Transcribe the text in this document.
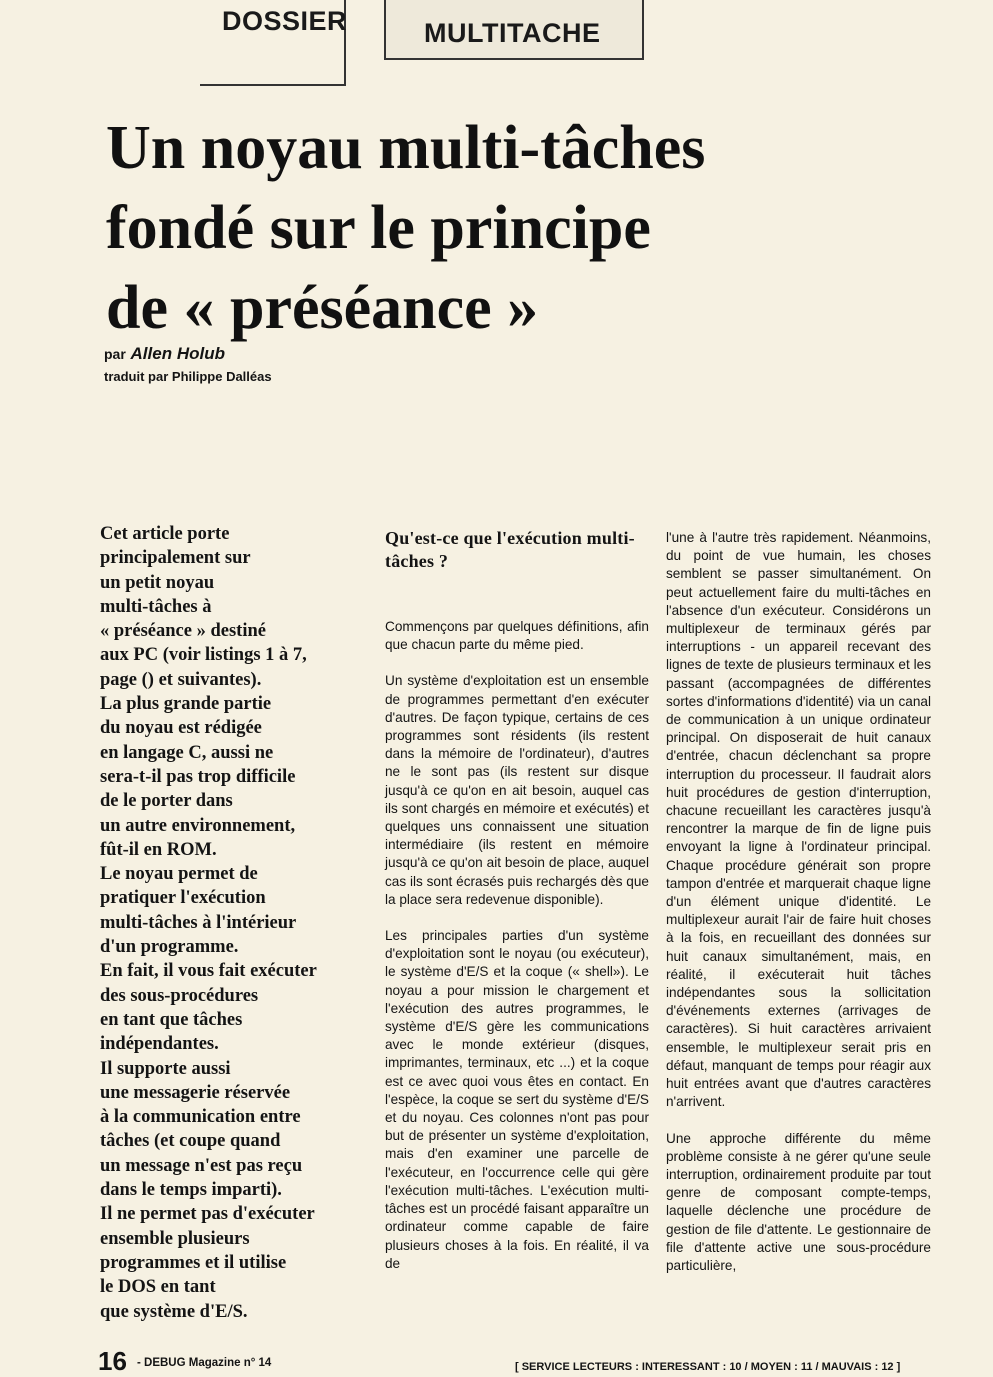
DOSSIER	MULTITACHE
Un noyau multi-tâches
fondé sur le principe
de « préséance »
par Allen Holub
traduit par Philippe Dalléas
Cet article porte
principalement sur
un petit noyau
multi-tâches à
« préséance » destiné
aux PC (voir listings 1 à 7,
page () et suivantes).
La plus grande partie
du noyau est rédigée
en langage C, aussi ne
sera-t-il pas trop difficile
de le porter dans
un autre environnement,
fût-il en ROM.
Le noyau permet de
pratiquer l'exécution
multi-tâches à l'intérieur
d'un programme.
En fait, il vous fait exécuter
des sous-procédures
en tant que tâches
indépendantes.
Il supporte aussi
une messagerie réservée
à la communication entre
tâches (et coupe quand
un message n'est pas reçu
dans le temps imparti).
Il ne permet pas d'exécuter
ensemble plusieurs
programmes et il utilise
le DOS en tant
que système d'E/S.
Qu'est-ce que l'exécution multi-tâches ?

Commençons par quelques définitions, afin que chacun parte du même pied.

Un système d'exploitation est un ensemble de programmes permettant d'en exécuter d'autres. De façon typique, certains de ces programmes sont résidents (ils restent dans la mémoire de l'ordinateur), d'autres ne le sont pas (ils restent sur disque jusqu'à ce qu'on en ait besoin, auquel cas ils sont chargés en mémoire et exécutés) et quelques uns connaissent une situation intermédiaire (ils restent en mémoire jusqu'à ce qu'on ait besoin de place, auquel cas ils sont écrasés puis rechargés dès que la place sera redevenue disponible).

Les principales parties d'un système d'exploitation sont le noyau (ou exécuteur), le système d'E/S et la coque (« shell»). Le noyau a pour mission le chargement et l'exécution des autres programmes, le système d'E/S gère les communications avec le monde extérieur (disques, imprimantes, terminaux, etc ...) et la coque est ce avec quoi vous êtes en contact. En l'espèce, la coque se sert du système d'E/S et du noyau. Ces colonnes n'ont pas pour but de présenter un système d'exploitation, mais d'en examiner une parcelle de l'exécuteur, en l'occurrence celle qui gère l'exécution multi-tâches. L'exécution multi-tâches est un procédé faisant apparaître un ordinateur comme capable de faire plusieurs choses à la fois. En réalité, il va de

l'une à l'autre très rapidement. Néanmoins, du point de vue humain, les choses semblent se passer simultanément. On peut actuellement faire du multi-tâches en l'absence d'un exécuteur. Considérons un multiplexeur de terminaux gérés par interruptions - un appareil recevant des lignes de texte de plusieurs terminaux et les passant (accompagnées de différentes sortes d'informations d'identité) via un canal de communication à un unique ordinateur principal. On disposerait de huit canaux d'entrée, chacun déclenchant sa propre interruption du processeur. Il faudrait alors huit procédures de gestion d'interruption, chacune recueillant les caractères jusqu'à rencontrer la marque de fin de ligne puis envoyant la ligne à l'ordinateur principal. Chaque procédure générait son propre tampon d'entrée et marquerait chaque ligne d'un élément unique d'identité. Le multiplexeur aurait l'air de faire huit choses à la fois, en recueillant des données sur huit canaux simultanément, mais, en réalité, il exécuterait huit tâches indépendantes sous la sollicitation d'événements externes (arrivages de caractères). Si huit caractères arrivaient ensemble, le multiplexeur serait pris en défaut, manquant de temps pour réagir aux huit entrées avant que d'autres caractères n'arrivent.

Une approche différente du même problème consiste à ne gérer qu'une seule interruption, ordinairement produite par tout genre de composant compte-temps, laquelle déclenche une procédure de gestion de file d'attente. Le gestionnaire de file d'attente active une sous-procédure particulière,

16 - DEBUG Magazine n° 14	[ SERVICE LECTEURS : INTERESSANT : 10 / MOYEN : 11 / MAUVAIS : 12 ]
